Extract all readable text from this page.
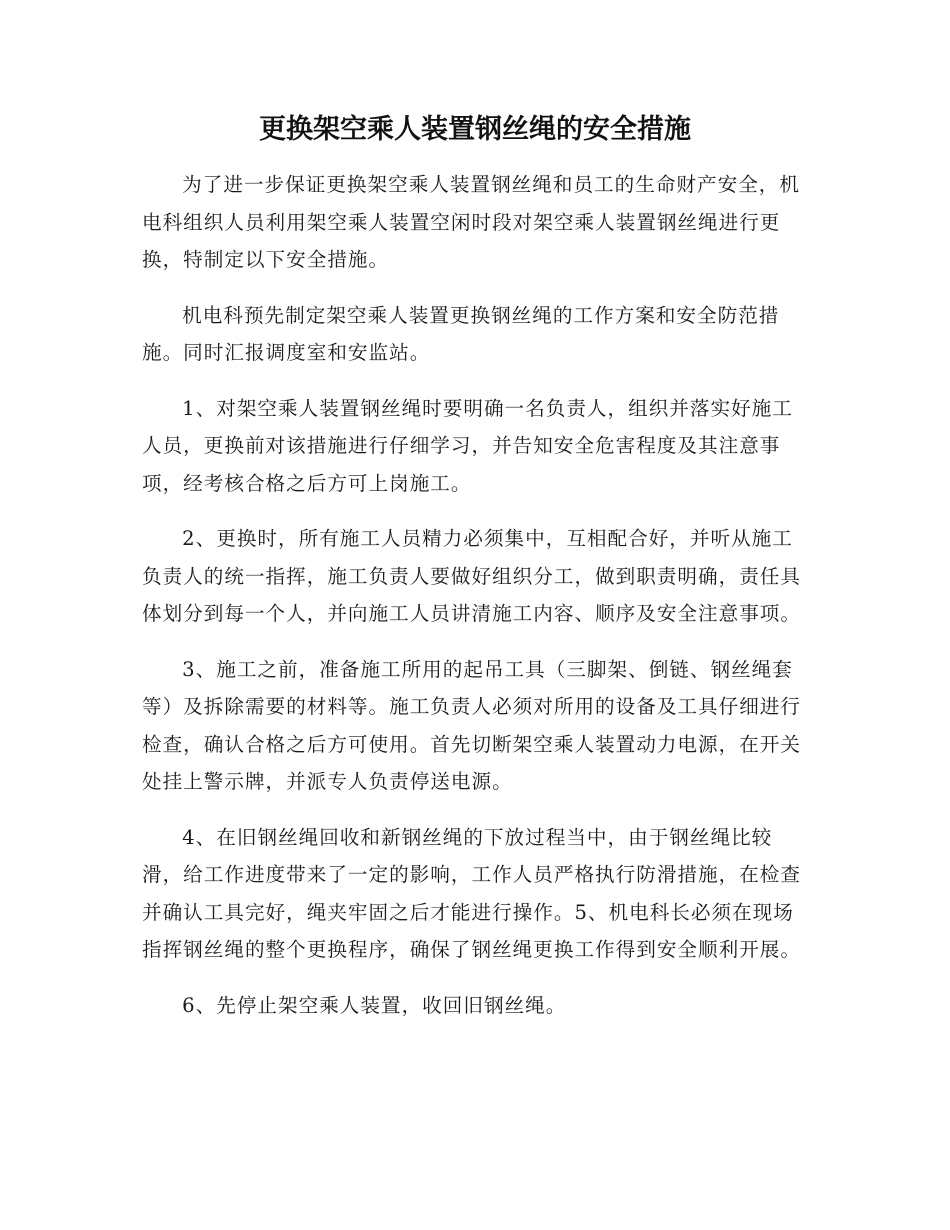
更换架空乘人装置钢丝绳的安全措施

为了进一步保证更换架空乘人装置钢丝绳和员工的生命财产安全，机电科组织人员利用架空乘人装置空闲时段对架空乘人装置钢丝绳进行更换，特制定以下安全措施。

机电科预先制定架空乘人装置更换钢丝绳的工作方案和安全防范措施。同时汇报调度室和安监站。

1、对架空乘人装置钢丝绳时要明确一名负责人，组织并落实好施工人员，更换前对该措施进行仔细学习，并告知安全危害程度及其注意事项，经考核合格之后方可上岗施工。

2、更换时，所有施工人员精力必须集中，互相配合好，并听从施工负责人的统一指挥，施工负责人要做好组织分工，做到职责明确，责任具体划分到每一个人，并向施工人员讲清施工内容、顺序及安全注意事项。

3、施工之前，准备施工所用的起吊工具（三脚架、倒链、钢丝绳套等）及拆除需要的材料等。施工负责人必须对所用的设备及工具仔细进行检查，确认合格之后方可使用。首先切断架空乘人装置动力电源，在开关处挂上警示牌，并派专人负责停送电源。

4、在旧钢丝绳回收和新钢丝绳的下放过程当中，由于钢丝绳比较滑，给工作进度带来了一定的影响，工作人员严格执行防滑措施，在检查并确认工具完好，绳夹牢固之后才能进行操作。5、机电科长必须在现场指挥钢丝绳的整个更换程序，确保了钢丝绳更换工作得到安全顺利开展。

6、先停止架空乘人装置，收回旧钢丝绳。
